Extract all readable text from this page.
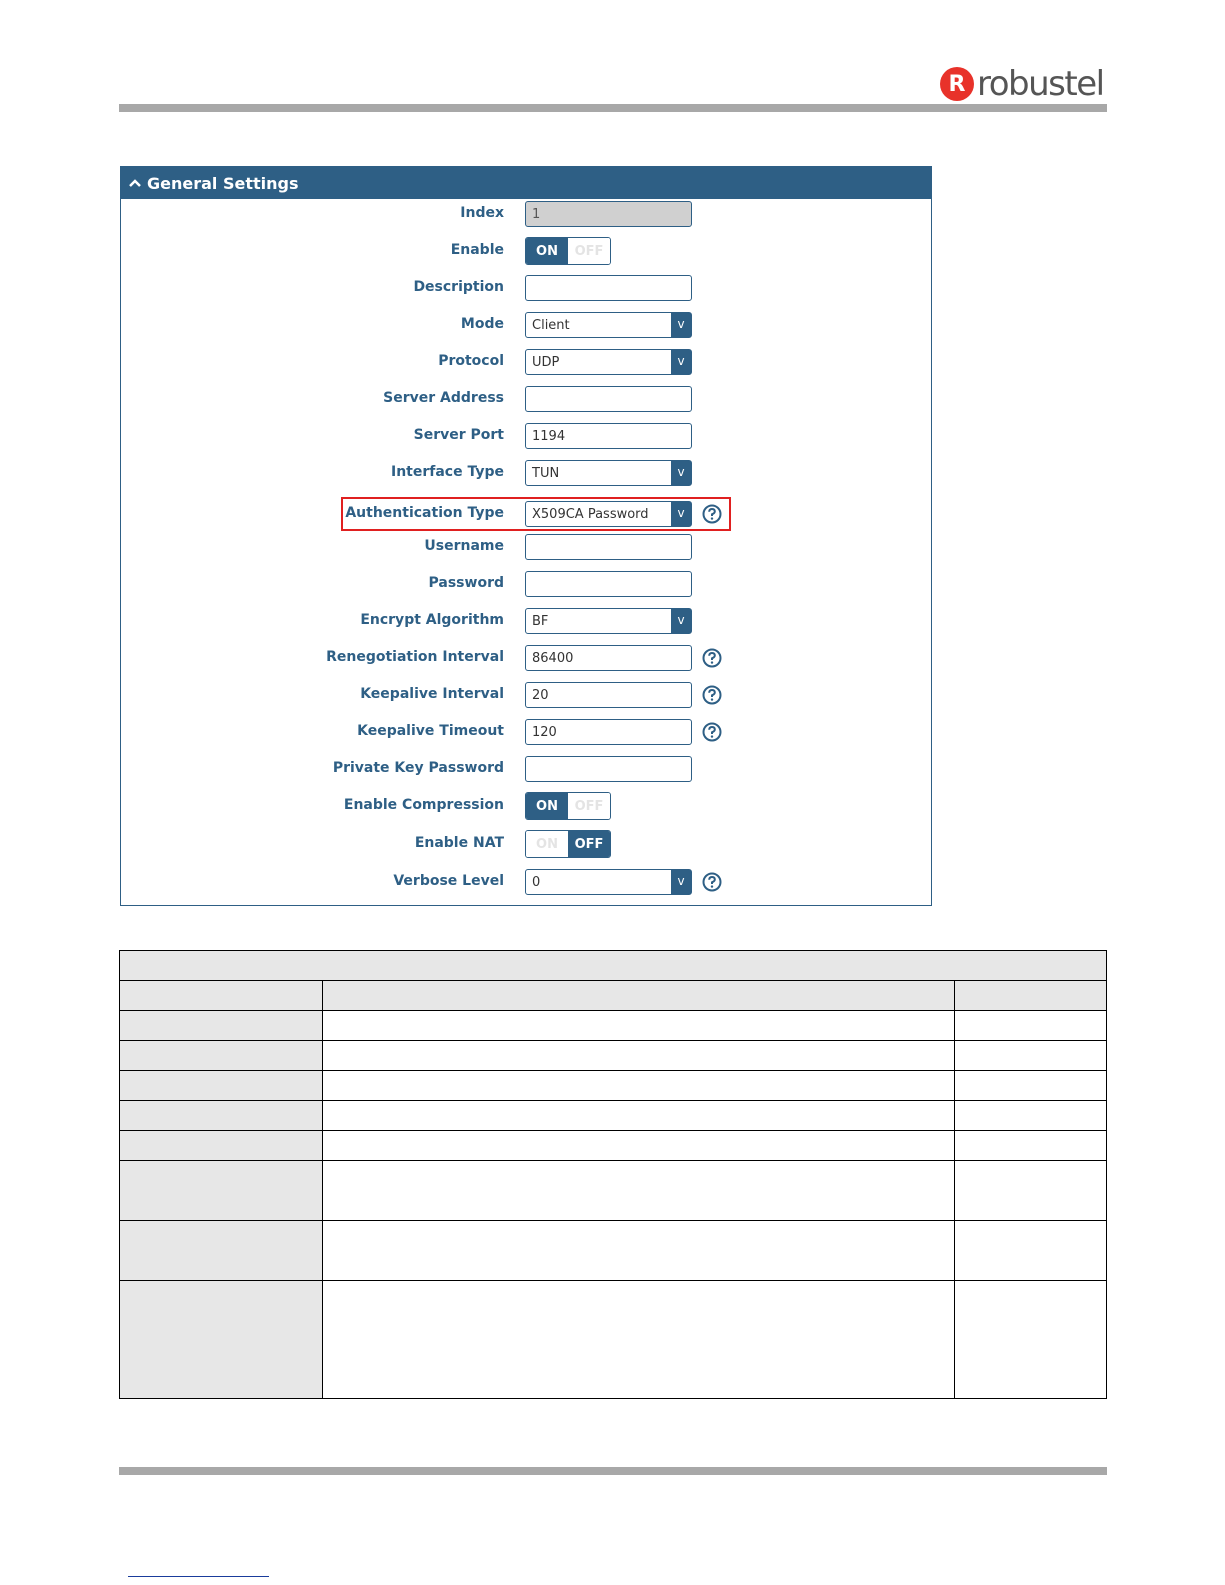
R robustel
General Settings
Index	1
Enable	ON	OFF
Description
Mode	Client	v
Protocol	UDP	v
Server Address
Server Port	1194
Interface Type	TUN	v
Authentication Type	X509CA Password	v
Username
Password
Encrypt Algorithm	BF	v
Renegotiation Interval	86400
Keepalive Interval	20
Keepalive Timeout	120
Private Key Password
Enable Compression	ON	OFF
Enable NAT	ON	OFF
Verbose Level	0	v
